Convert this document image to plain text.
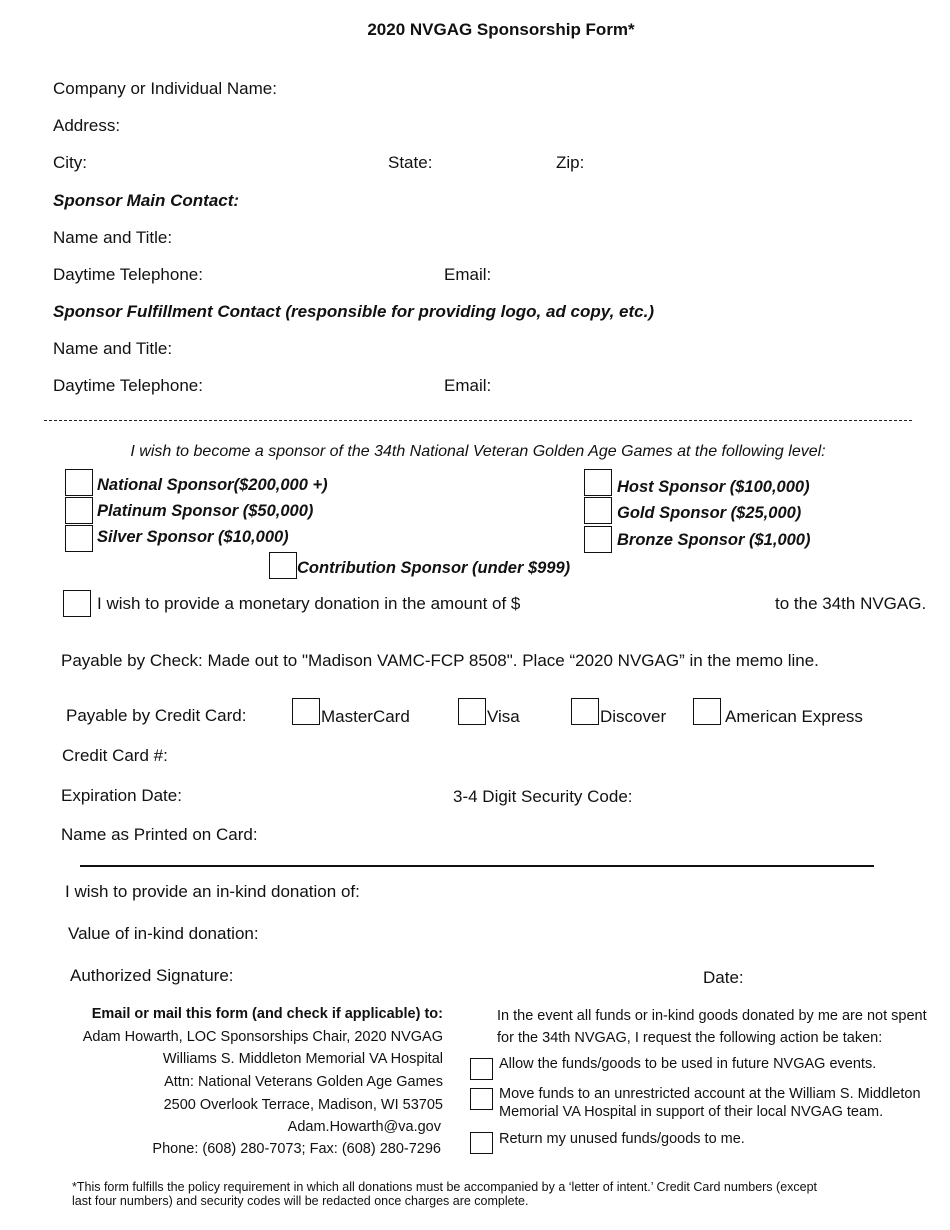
2020 NVGAG Sponsorship Form*
Company or Individual Name:
Address:
City:	State:	Zip:
Sponsor Main Contact:
Name and Title:
Daytime Telephone:	Email:
Sponsor Fulfillment Contact (responsible for providing logo, ad copy, etc.)
Name and Title:
Daytime Telephone:	Email:
I wish to become a sponsor of the 34th National Veteran Golden Age Games at the following level:
National Sponsor($200,000 +)
Platinum Sponsor ($50,000)
Silver Sponsor ($10,000)
Host Sponsor ($100,000)
Gold Sponsor ($25,000)
Bronze Sponsor ($1,000)
Contribution Sponsor (under $999)
I wish to provide a monetary donation in the amount of $	to the 34th NVGAG.
Payable by Check: Made out to "Madison VAMC-FCP 8508". Place “2020 NVGAG” in the memo line.
Payable by Credit Card:	MasterCard	Visa	Discover	American Express
Credit Card #:
Expiration Date:	3-4 Digit Security Code:
Name as Printed on Card:
I wish to provide an in-kind donation of:
Value of in-kind donation:
Authorized Signature:	Date:
Email or mail this form (and check if applicable) to:
Adam Howarth, LOC Sponsorships Chair, 2020 NVGAG
Williams S. Middleton Memorial VA Hospital
Attn: National Veterans Golden Age Games
2500 Overlook Terrace, Madison, WI 53705
Adam.Howarth@va.gov
Phone: (608) 280-7073; Fax: (608) 280-7296
In the event all funds or in-kind goods donated by me are not spent
for the 34th NVGAG, I request the following action be taken:
Allow the funds/goods to be used in future NVGAG events.
Move funds to an unrestricted account at the William S. Middleton
Memorial VA Hospital in support of their local NVGAG team.
Return my unused funds/goods to me.
*This form fulfills the policy requirement in which all donations must be accompanied by a ‘letter of intent.’ Credit Card numbers (except
last four numbers) and security codes will be redacted once charges are complete.
